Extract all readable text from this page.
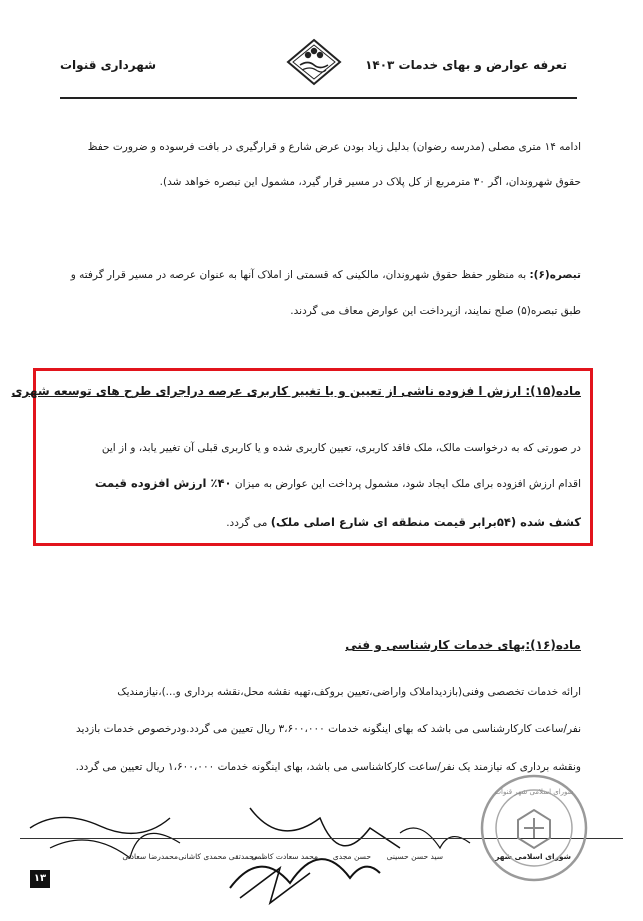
تعرفه عوارض و بهای خدمات ۱۴۰۳
شهرداری قنوات
ادامه ۱۴ متری مصلی (مدرسه رضوان) بدلیل زیاد بودن عرض شارع و قرارگیری در بافت فرسوده و ضرورت حفظ
حقوق شهروندان، اگر ۳۰ مترمربع از کل پلاک در مسیر قرار گیرد، مشمول این تبصره خواهد شد).
تبصره(۶): به منظور حفظ حقوق شهروندان، مالکینی که قسمتی از املاک آنها به عنوان عرصه در مسیر قرار گرفته و
طبق تبصره(۵) صلح نمایند، ازپرداخت این عوارض معاف می گردند.
ماده(۱۵): ارزش ا فزوده ناشی از تعیین و یا تغییر کاربری عرصه دراجرای طرح های توسعه شهری
در صورتی که به درخواست مالک، ملک فاقد کاربری، تعیین کاربری شده و یا کاربری قبلی آن تغییر یابد، و از این
اقدام ارزش افزوده برای ملک ایجاد شود، مشمول پرداخت این عوارض به میزان ۴۰٪ ارزش افزوده قیمت
کشف شده (۵۴برابر قیمت منطقه ای شارع اصلی ملک) می گردد.
ماده(۱۶):بهای خدمات کارشناسی و فنی
ارائه خدمات تخصصی وفنی(بازدیداملاک واراضی،تعیین بروکف،تهیه نقشه محل،نقشه برداری و...)،نیازمندیک
نفر/ساعت کارکارشناسی می باشد که بهای اینگونه خدمات ۳،۶۰۰،۰۰۰ ریال تعیین می گردد.ودرخصوص خدمات بازدید
ونقشه برداری که نیازمند یک نفر/ساعت کارکاشناسی می باشد، بهای اینگونه خدمات ۱،۶۰۰،۰۰۰ ریال تعیین می گردد.
شورای اسلامی شهر
سید حسن حسینی
حسن مجدی
محمد سعادت کاظمی
محمدتقی محمدی کاشانی
محمدرضا سعادتی
شورای اسلامی شهر قنوات
۱۳
